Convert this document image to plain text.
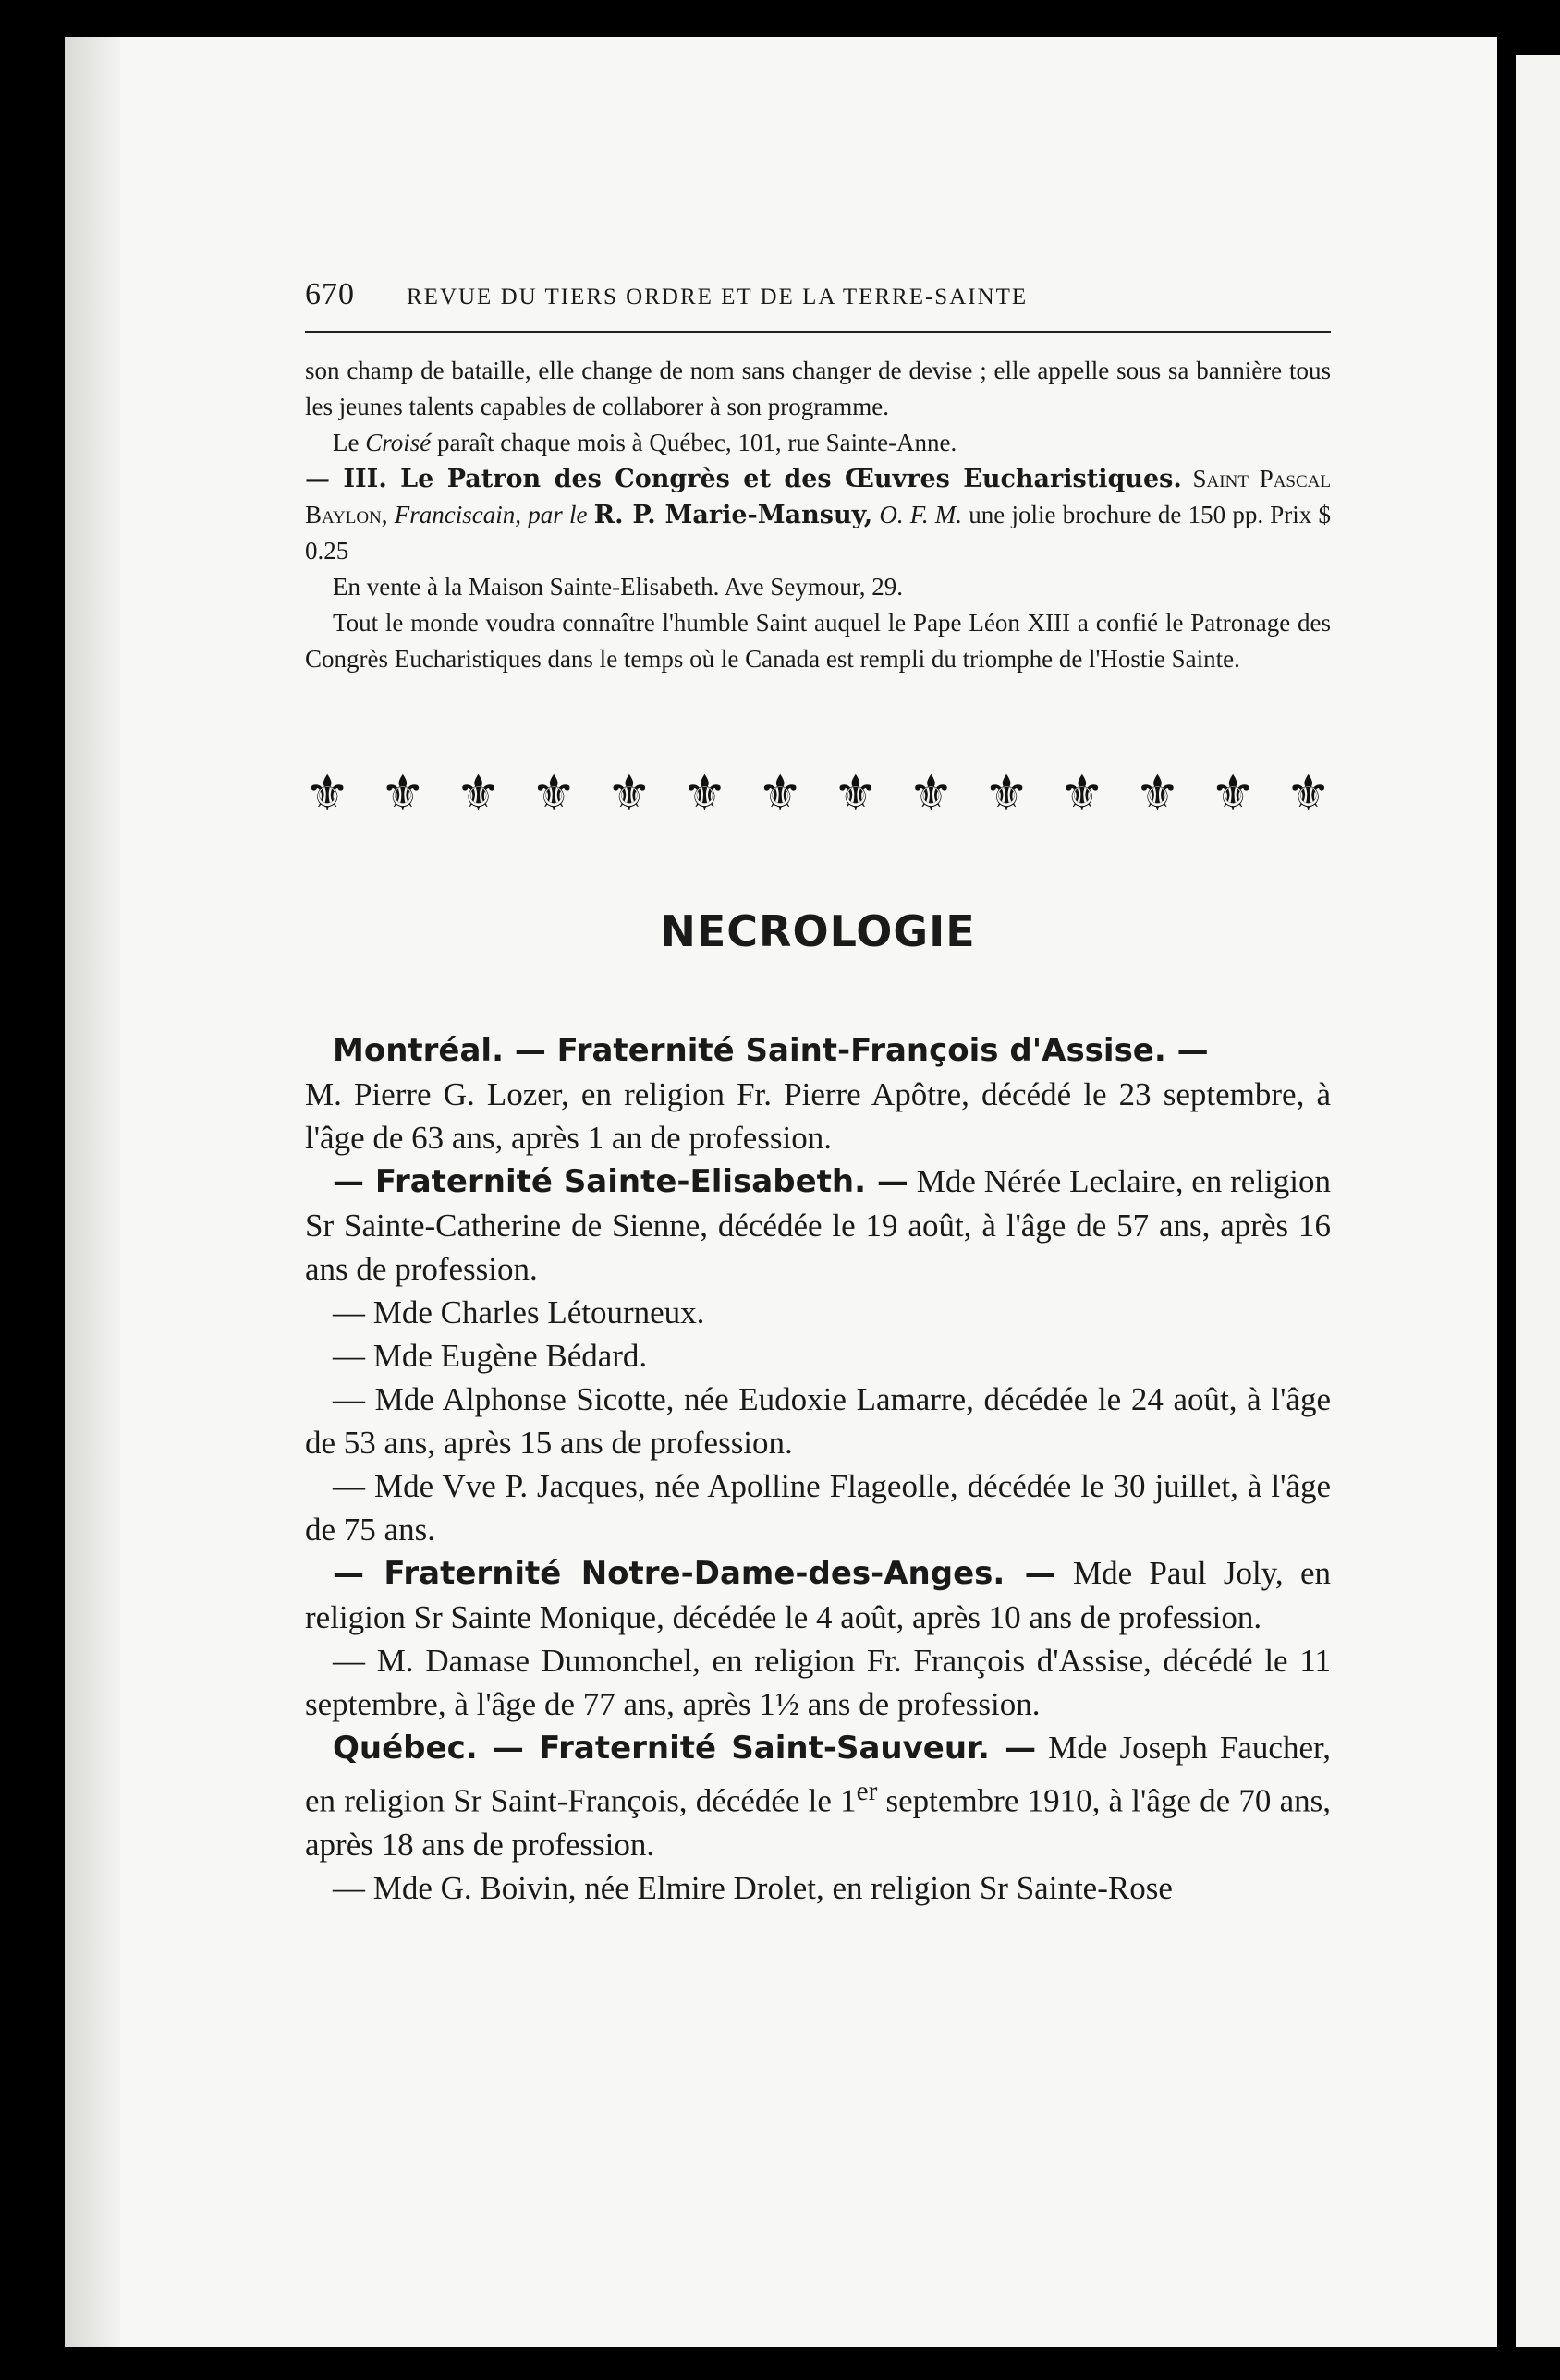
670 REVUE DU TIERS ORDRE ET DE LA TERRE-SAINTE

son champ de bataille, elle change de nom sans changer de devise ; elle appelle sous sa bannière tous les jeunes talents capables de collaborer à son programme.

Le Croisé paraît chaque mois à Québec, 101, rue Sainte-Anne.

— III. Le Patron des Congrès et des Œuvres Eucharistiques. Saint Pascal Baylon, Franciscain, par le R. P. Marie-Mansuy, O. F. M. une jolie brochure de 150 pp. Prix $ 0.25

En vente à la Maison Sainte-Elisabeth. Ave Seymour, 29.

Tout le monde voudra connaître l'humble Saint auquel le Pape Léon XIII a confié le Patronage des Congrès Eucharistiques dans le temps où le Canada est rempli du triomphe de l'Hostie Sainte.

⚜ ⚜ ⚜ ⚜ ⚜ ⚜ ⚜ ⚜ ⚜ ⚜ ⚜ ⚜ ⚜ ⚜
NECROLOGIE

Montréal. — Fraternité Saint-François d'Assise. —

M. Pierre G. Lozer, en religion Fr. Pierre Apôtre, décédé le 23 septembre, à l'âge de 63 ans, après 1 an de profession.

— Fraternité Sainte-Elisabeth. — Mde Nérée Leclaire, en religion Sr Sainte-Catherine de Sienne, décédée le 19 août, à l'âge de 57 ans, après 16 ans de profession.

— Mde Charles Létourneux.

— Mde Eugène Bédard.

— Mde Alphonse Sicotte, née Eudoxie Lamarre, décédée le 24 août, à l'âge de 53 ans, après 15 ans de profession.

— Mde Vve P. Jacques, née Apolline Flageolle, décédée le 30 juillet, à l'âge de 75 ans.

— Fraternité Notre-Dame-des-Anges. — Mde Paul Joly, en religion Sr Sainte Monique, décédée le 4 août, après 10 ans de profession.

— M. Damase Dumonchel, en religion Fr. François d'Assise, décédé le 11 septembre, à l'âge de 77 ans, après 1½ ans de profession.

Québec. — Fraternité Saint-Sauveur. — Mde Joseph Faucher, en religion Sr Saint-François, décédée le 1er septembre 1910, à l'âge de 70 ans, après 18 ans de profession.

— Mde G. Boivin, née Elmire Drolet, en religion Sr Sainte-Rose
